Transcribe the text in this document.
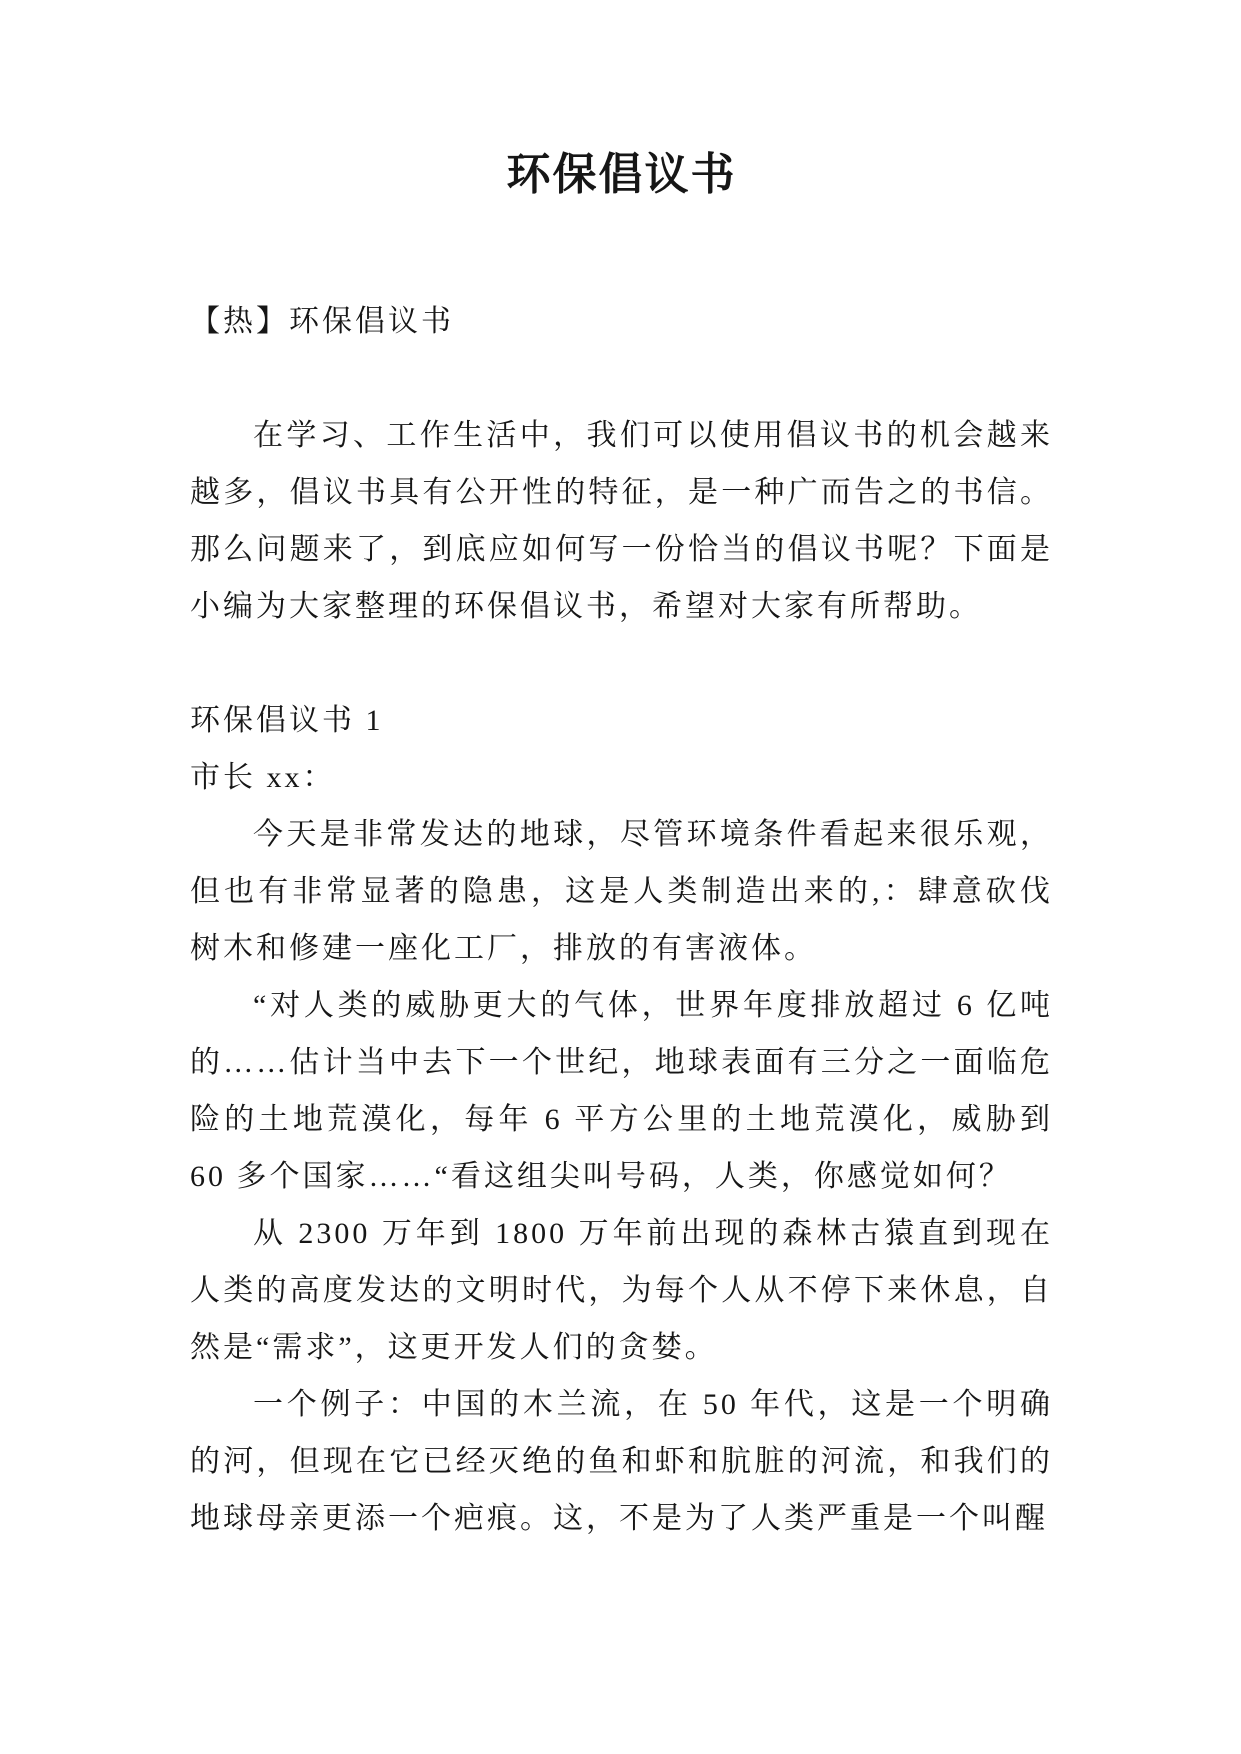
环保倡议书

【热】环保倡议书

在学习、工作生活中，我们可以使用倡议书的机会越来越多，倡议书具有公开性的特征，是一种广而告之的书信。那么问题来了，到底应如何写一份恰当的倡议书呢？下面是小编为大家整理的环保倡议书，希望对大家有所帮助。

环保倡议书 1

市长 xx：

今天是非常发达的地球，尽管环境条件看起来很乐观，但也有非常显著的隐患，这是人类制造出来的,：肆意砍伐树木和修建一座化工厂，排放的有害液体。

“对人类的威胁更大的气体，世界年度排放超过 6 亿吨的……估计当中去下一个世纪，地球表面有三分之一面临危险的土地荒漠化，每年 6 平方公里的土地荒漠化，威胁到 60 多个国家……“看这组尖叫号码，人类，你感觉如何？

从 2300 万年到 1800 万年前出现的森林古猿直到现在人类的高度发达的文明时代，为每个人从不停下来休息，自然是“需求”，这更开发人们的贪婪。

一个例子：中国的木兰流，在 50 年代，这是一个明确的河，但现在它已经灭绝的鱼和虾和肮脏的河流，和我们的地球母亲更添一个疤痕。这，不是为了人类严重是一个叫醒
